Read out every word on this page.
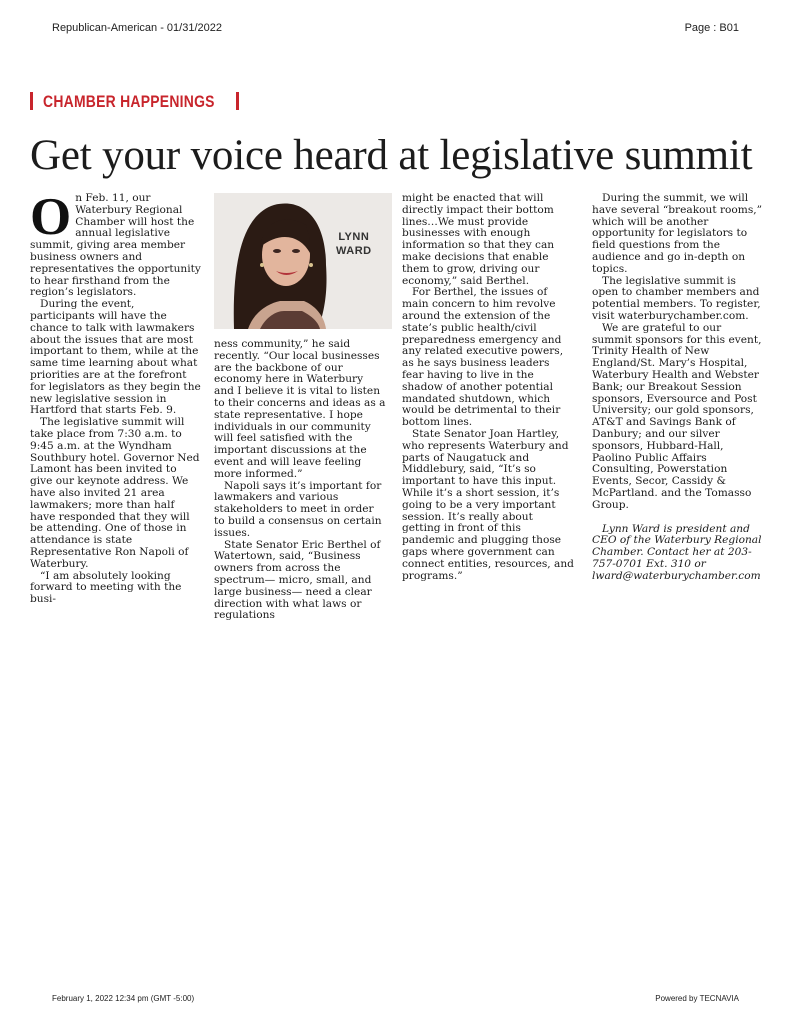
Republican-American - 01/31/2022	Page : B01
CHAMBER HAPPENINGS
Get your voice heard at legislative summit

On Feb. 11, our Waterbury Regional Chamber will host the annual legislative summit, giving area member business owners and representatives the opportunity to hear firsthand from the region’s legislators.

During the event, participants will have the chance to talk with lawmakers about the issues that are most important to them, while at the same time learning about what priorities are at the forefront for legislators as they begin the new legislative session in Hartford that starts Feb. 9.

The legislative summit will take place from 7:30 a.m. to 9:45 a.m. at the Wyndham Southbury hotel. Governor Ned Lamont has been invited to give our keynote address. We have also invited 21 area lawmakers; more than half have responded that they will be attending. One of those in attendance is state Representative Ron Napoli of Waterbury.

“I am absolutely looking forward to meeting with the busi-

LYNN
WARD

ness community,” he said recently. “Our local businesses are the backbone of our economy here in Waterbury and I believe it is vital to listen to their concerns and ideas as a state representative. I hope individuals in our community will feel satisfied with the important discussions at the event and will leave feeling more informed.”

Napoli says it’s important for lawmakers and various stakeholders to meet in order to build a consensus on certain issues.

State Senator Eric Berthel of Watertown, said, “Business owners from across the spectrum— micro, small, and large business— need a clear direction with what laws or regulations

might be enacted that will directly impact their bottom lines…We must provide businesses with enough information so that they can make decisions that enable them to grow, driving our economy,” said Berthel.

For Berthel, the issues of main concern to him revolve around the extension of the state’s public health/civil preparedness emergency and any related executive powers, as he says business leaders fear having to live in the shadow of another potential mandated shutdown, which would be detrimental to their bottom lines.

State Senator Joan Hartley, who represents Waterbury and parts of Naugatuck and Middlebury, said, “It’s so important to have this input. While it’s a short session, it’s going to be a very important session. It’s really about getting in front of this pandemic and plugging those gaps where government can connect entities, resources, and programs.”

During the summit, we will have several “breakout rooms,” which will be another opportunity for legislators to field questions from the audience and go in-depth on topics.

The legislative summit is open to chamber members and potential members. To register, visit waterburychamber.com.

We are grateful to our summit sponsors for this event, Trinity Health of New England/St. Mary’s Hospital, Waterbury Health and Webster Bank; our Breakout Session sponsors, Eversource and Post University; our gold sponsors, AT&T and Savings Bank of Danbury; and our silver sponsors, Hubbard-Hall, Paolino Public Affairs Consulting, Powerstation Events, Secor, Cassidy & McPartland. and the Tomasso Group.

Lynn Ward is president and CEO of the Waterbury Regional Chamber. Contact her at 203-757-0701 Ext. 310 or lward@waterburychamber.com

February 1, 2022 12:34 pm (GMT -5:00)	Powered by TECNAVIA
